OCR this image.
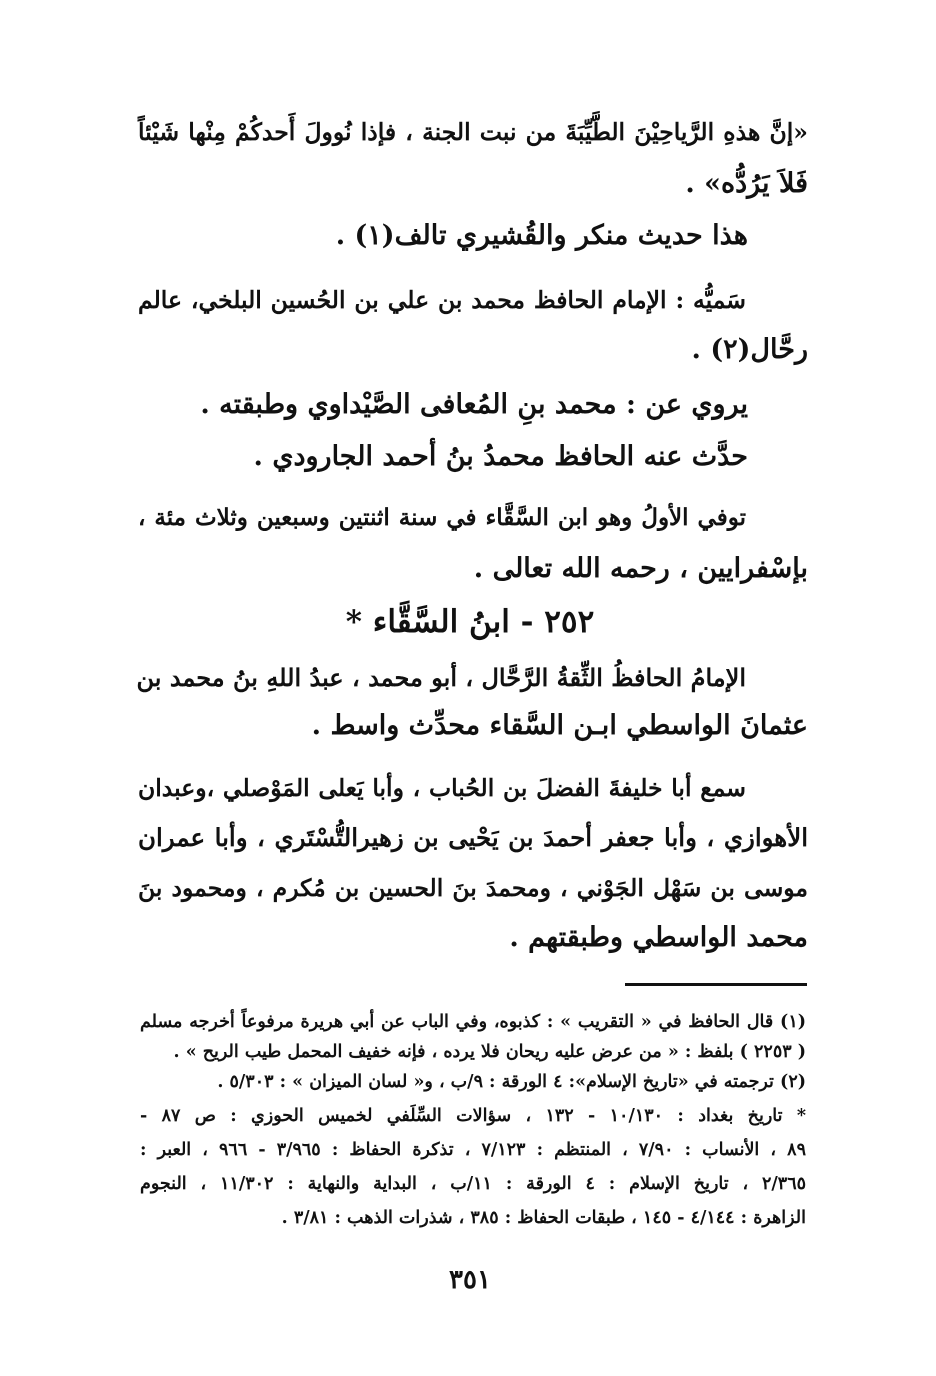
«إنَّ هذهِ الرَّياحِيْنَ الطَّيِّبَةَ من نبت الجنة ، فإذا نُوولَ أَحدكُمْ مِنْها شَيْئاً
فَلاَ يَرُدُّه» .
هذا حديث منكر والقُشيري تالف(١) .
سَميُّه : الإمام الحافظ محمد بن علي بن الحُسين البلخي، عالم
رحَّال(٢) .
يروي عن : محمد بنِ المُعافى الصَّيْداوي وطبقته .
حدَّث عنه الحافظ محمدُ بنُ أحمد الجارودي .
توفي الأولُ وهو ابن السَّقَّاء في سنة اثنتين وسبعين وثلاث مئة ،
بإسْفرايين ، رحمه الله تعالى .
٢٥٢ - ابنُ السَّقَّاء *
الإمامُ الحافظُ الثِّقةُ الرَّحَّال ، أبو محمد ، عبدُ اللهِ بنُ محمد بن
عثمانَ الواسطي ابـن السَّقاء محدِّث واسط .
سمع أبا خليفةَ الفضلَ بن الحُباب ، وأبا يَعلى المَوْصلي ،وعبدان
الأهوازي ، وأبا جعفر أحمدَ بن يَحْيى بن زهيرالتُّسْتَري ، وأبا عمران
موسى بن سَهْل الجَوْني ، ومحمدَ بنَ الحسين بن مُكرم ، ومحمود بنَ
محمد الواسطي وطبقتهم .
(١) قال الحافظ في « التقريب » : كذبوه، وفي الباب عن أبي هريرة مرفوعاً أخرجه مسلم
( ٢٢٥٣ ) بلفظ : « من عرض عليه ريحان فلا يرده ، فإنه خفيف المحمل طيب الريح » .
(٢) ترجمته في «تاريخ الإسلام»: ٤ الورقة : ٩/ب ، و« لسان الميزان » : ٥/٣٠٣ .
* تاريخ بغداد : ١٠/١٣٠ - ١٣٢ ، سؤالات السِّلَفي لخميس الحوزي : ص ٨٧ -
٨٩ ، الأنساب : ٧/٩٠ ، المنتظم : ٧/١٢٣ ، تذكرة الحفاظ : ٣/٩٦٥ - ٩٦٦ ، العبر :
٢/٣٦٥ ، تاريخ الإسلام : ٤ الورقة : ١١/ب ، البداية والنهاية : ١١/٣٠٢ ، النجوم
الزاهرة : ٤/١٤٤ - ١٤٥ ، طبقات الحفاظ : ٣٨٥ ، شذرات الذهب : ٣/٨١ .
٣٥١
